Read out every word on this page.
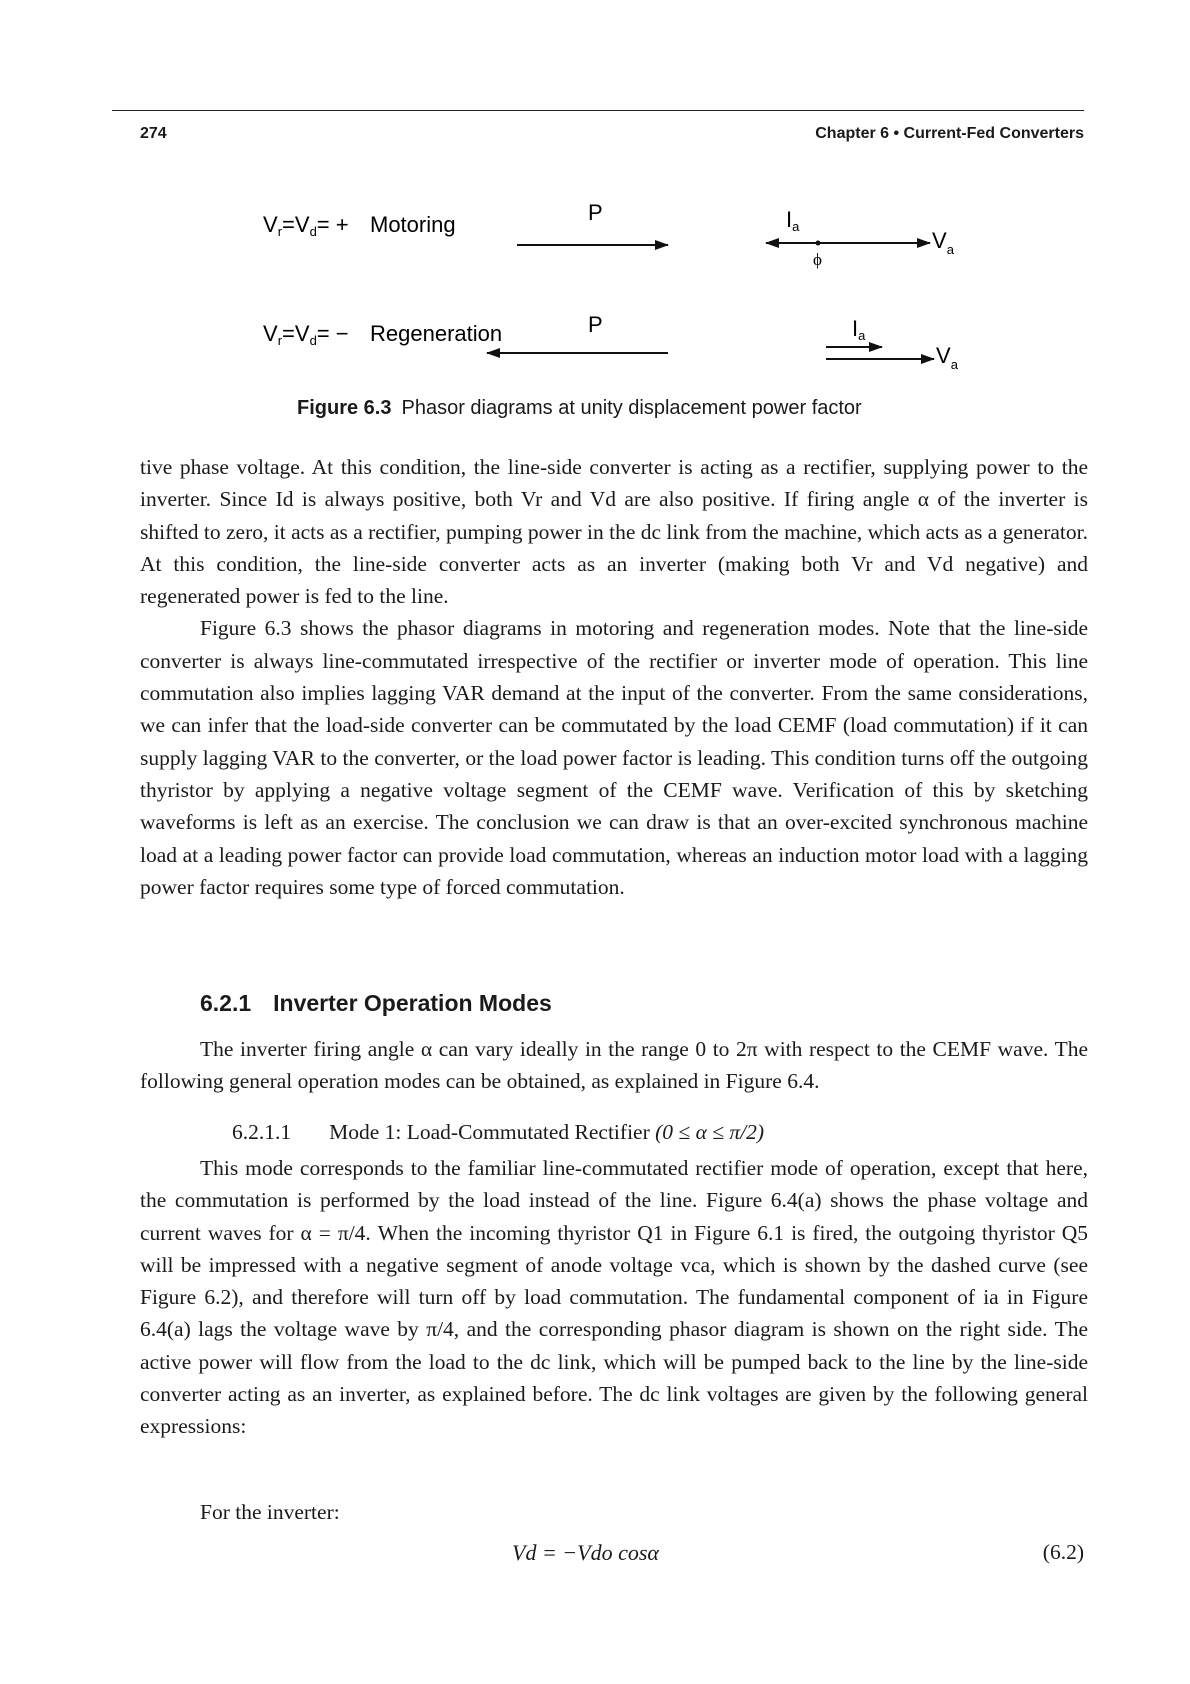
274	Chapter 6 • Current-Fed Converters
Vr=Vd= + Motoring	P	Ia
$V_a$
ϕ
Vr=Vd= − Regeneration	P	Ia
$V_a$
Figure 6.3 Phasor diagrams at unity displacement power factor

tive phase voltage. At this condition, the line-side converter is acting as a rectifier, supplying power to the inverter. Since Id is always positive, both Vr and Vd are also positive. If firing angle α of the inverter is shifted to zero, it acts as a rectifier, pumping power in the dc link from the machine, which acts as a generator. At this condition, the line-side converter acts as an inverter (making both Vr and Vd negative) and regenerated power is fed to the line.

Figure 6.3 shows the phasor diagrams in motoring and regeneration modes. Note that the line-side converter is always line-commutated irrespective of the rectifier or inverter mode of operation. This line commutation also implies lagging VAR demand at the input of the converter. From the same considerations, we can infer that the load-side converter can be commutated by the load CEMF (load commutation) if it can supply lagging VAR to the converter, or the load power factor is leading. This condition turns off the outgoing thyristor by applying a negative voltage segment of the CEMF wave. Verification of this by sketching waveforms is left as an exercise. The conclusion we can draw is that an over-excited synchronous machine load at a leading power factor can provide load commutation, whereas an induction motor load with a lagging power factor requires some type of forced commutation.

6.2.1 Inverter Operation Modes

The inverter firing angle α can vary ideally in the range 0 to 2π with respect to the CEMF wave. The following general operation modes can be obtained, as explained in Figure 6.4.

6.2.1.1 Mode 1: Load-Commutated Rectifier (0 ≤ α ≤ π/2)

This mode corresponds to the familiar line-commutated rectifier mode of operation, except that here, the commutation is performed by the load instead of the line. Figure 6.4(a) shows the phase voltage and current waves for α = π/4. When the incoming thyristor Q1 in Figure 6.1 is fired, the outgoing thyristor Q5 will be impressed with a negative segment of anode voltage vca, which is shown by the dashed curve (see Figure 6.2), and therefore will turn off by load commutation. The fundamental component of ia in Figure 6.4(a) lags the voltage wave by π/4, and the corresponding phasor diagram is shown on the right side. The active power will flow from the load to the dc link, which will be pumped back to the line by the line-side converter acting as an inverter, as explained before. The dc link voltages are given by the following general expressions:

For the inverter:
Vd = −Vdo cosα	(6.2)
